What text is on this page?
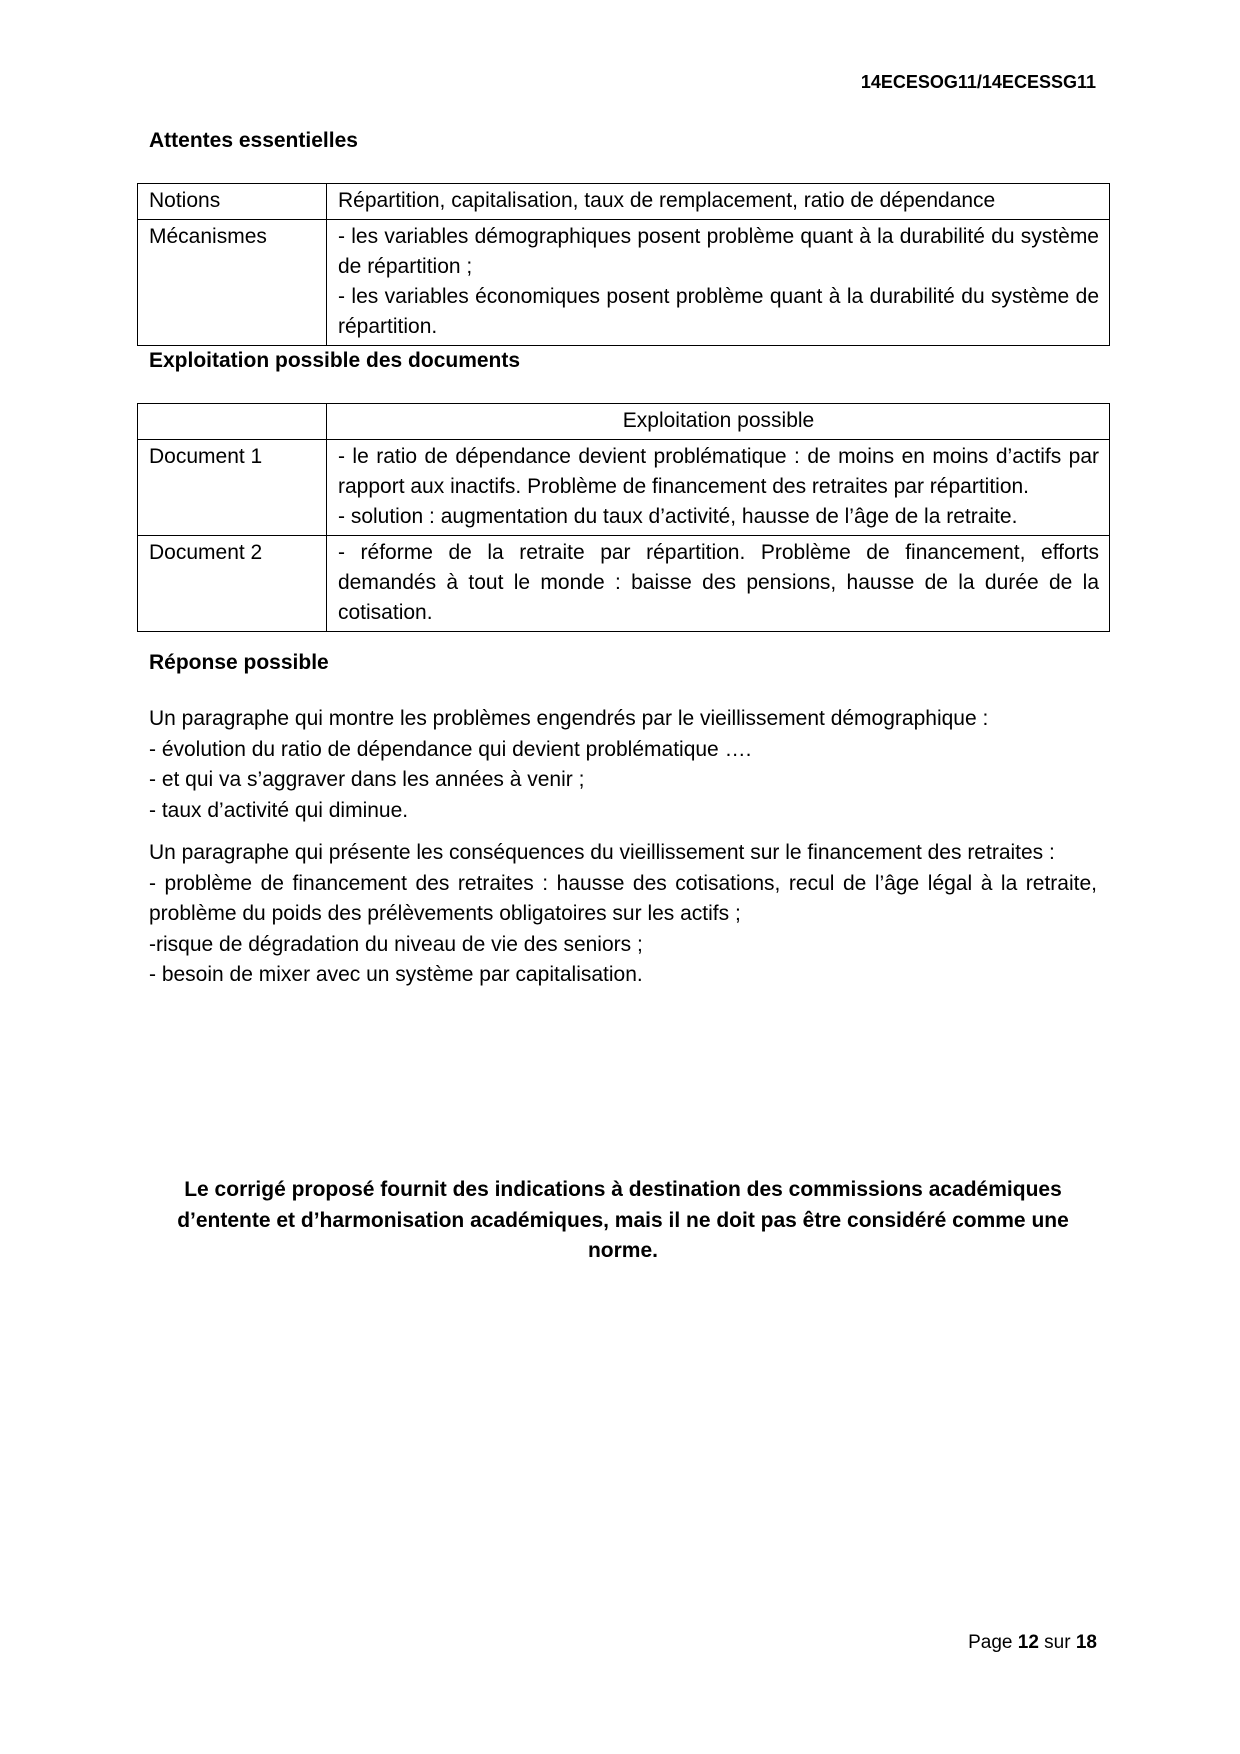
14ECESOG11/14ECESSG11
Attentes essentielles
Notions	Répartition, capitalisation, taux de remplacement, ratio de dépendance

Mécanismes	- les variables démographiques posent problème quant à la durabilité du système de répartition ;
- les variables économiques posent problème quant à la durabilité du système de répartition.
Exploitation possible des documents
	Exploitation possible
Document 1	- le ratio de dépendance devient problématique : de moins en moins d’actifs par rapport aux inactifs. Problème de financement des retraites par répartition.
- solution : augmentation du taux d’activité, hausse de l’âge de la retraite.

Document 2	- réforme de la retraite par répartition. Problème de financement, efforts demandés à tout le monde : baisse des pensions, hausse de la durée de la cotisation.
Réponse possible
Un paragraphe qui montre les problèmes engendrés par le vieillissement démographique :
- évolution du ratio de dépendance qui devient problématique ….
- et qui va s’aggraver dans les années à venir ;
- taux d’activité qui diminue.
Un paragraphe qui présente les conséquences du vieillissement sur le financement des retraites :
- problème de financement des retraites : hausse des cotisations, recul de l’âge légal à la retraite, problème du poids des prélèvements obligatoires sur les actifs ;
-risque de dégradation du niveau de vie des seniors ;
- besoin de mixer avec un système par capitalisation.

Le corrigé proposé fournit des indications à destination des commissions académiques d’entente et d’harmonisation académiques, mais il ne doit pas être considéré comme une norme.

Page 12 sur 18
